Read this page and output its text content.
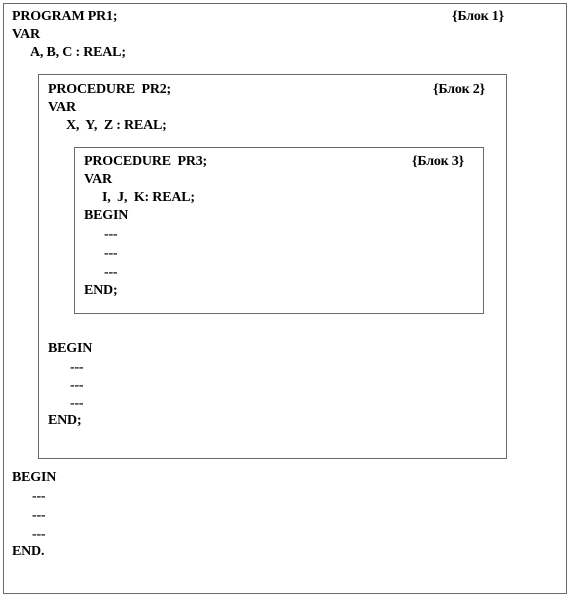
PROGRAM PR1;	{Блок 1}
VAR
A, B, C : REAL;
PROCEDURE  PR2;	{Блок 2}
VAR
X,  Y,  Z : REAL;
PROCEDURE  PR3;	{Блок 3}
VAR
I,  J,  K: REAL;
BEGIN
---
---
---
END;
BEGIN
---
---
---
END;
BEGIN
---
---
---
END.
